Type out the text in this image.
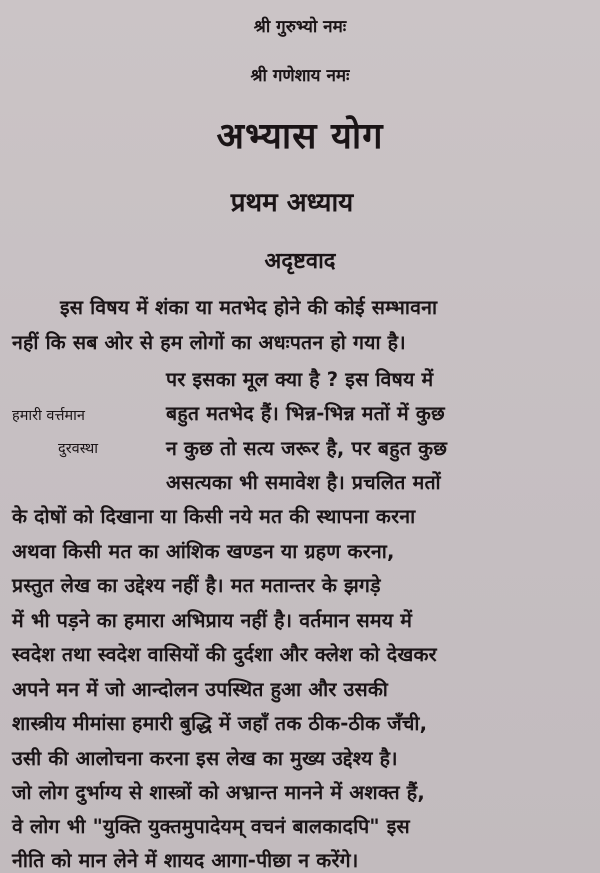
श्री गुरुभ्यो नमः
श्री गणेशाय नमः
अभ्यास योग
प्रथम अध्याय
अदृष्टवाद
हमारी वर्त्तमान
दुरवस्था
इस विषय में शंका या मतभेद होने की कोई सम्भावना
नहीं कि सब ओर से हम लोगों का अधःपतन हो गया है।
पर इसका मूल क्या है ? इस विषय में
बहुत मतभेद हैं। भिन्न-भिन्न मतों में कुछ
न कुछ तो सत्य जरूर है, पर बहुत कुछ
असत्यका भी समावेश है। प्रचलित मतों
के दोषों को दिखाना या किसी नये मत की स्थापना करना
अथवा किसी मत का आंशिक खण्डन या ग्रहण करना,
प्रस्तुत लेख का उद्देश्य नहीं है। मत मतान्तर के झगड़े
में भी पड़ने का हमारा अभिप्राय नहीं है। वर्तमान समय में
स्वदेश तथा स्वदेश वासियों की दुर्दशा और क्लेश को देखकर
अपने मन में जो आन्दोलन उपस्थित हुआ और उसकी
शास्त्रीय मीमांसा हमारी बुद्धि में जहाँ तक ठीक-ठीक जँची,
उसी की आलोचना करना इस लेख का मुख्य उद्देश्य है।
जो लोग दुर्भाग्य से शास्त्रों को अभ्रान्त मानने में अशक्त हैं,
वे लोग भी "युक्ति युक्तमुपादेयम् वचनं बालकादपि" इस
नीति को मान लेने में शायद आगा-पीछा न करेंगे।
